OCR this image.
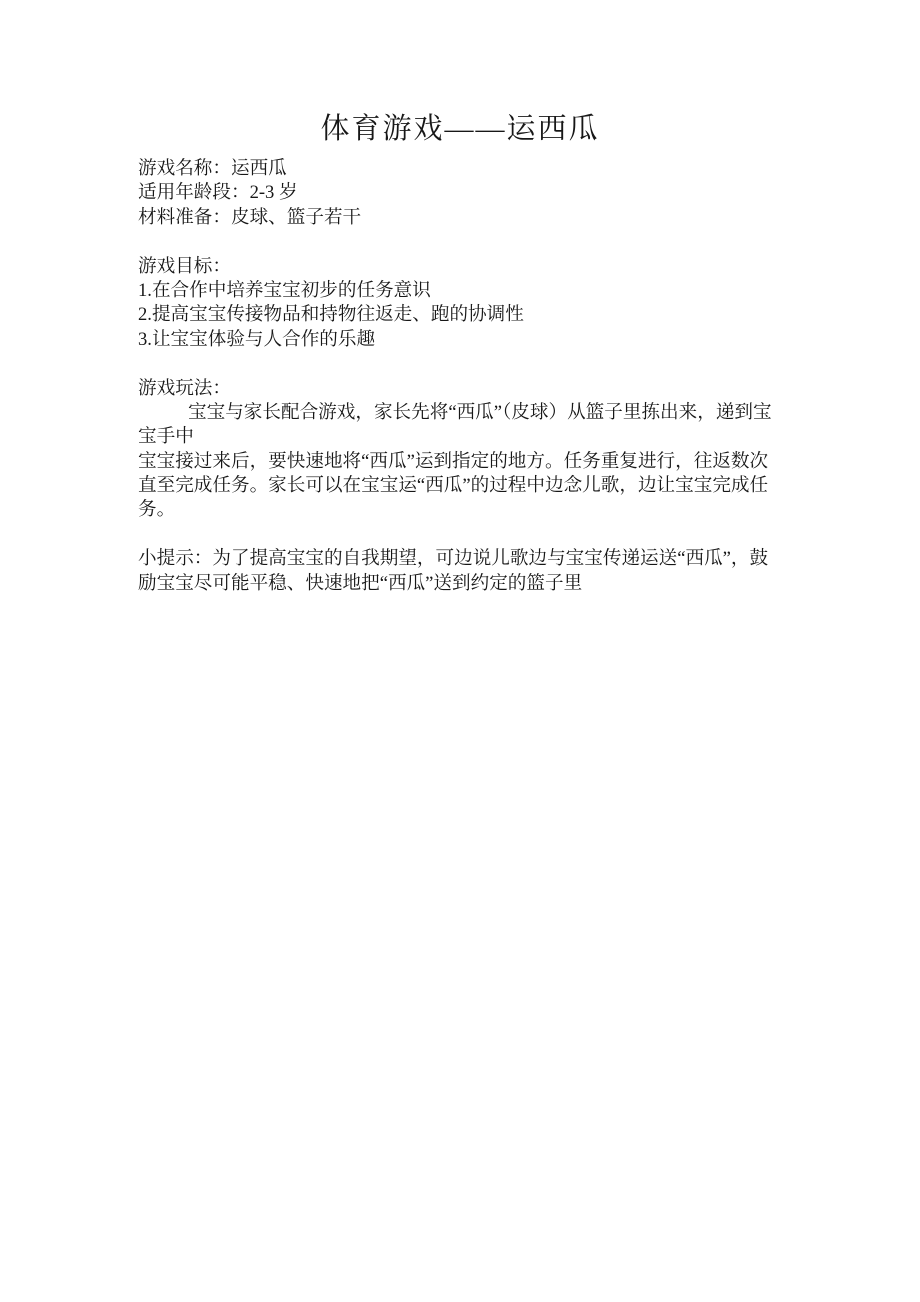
体育游戏——运西瓜
游戏名称：运西瓜
适用年龄段：2-3 岁
材料准备：皮球、篮子若干

游戏目标：
1.在合作中培养宝宝初步的任务意识
2.提高宝宝传接物品和持物往返走、跑的协调性
3.让宝宝体验与人合作的乐趣

游戏玩法：
宝宝与家长配合游戏，家长先将“西瓜”（皮球）从篮子里拣出来，递到宝
宝手中
宝宝接过来后，要快速地将“西瓜”运到指定的地方。任务重复进行，往返数次
直至完成任务。家长可以在宝宝运“西瓜”的过程中边念儿歌，边让宝宝完成任
务。

小提示：为了提高宝宝的自我期望，可边说儿歌边与宝宝传递运送“西瓜”，鼓
励宝宝尽可能平稳、快速地把“西瓜”送到约定的篮子里
